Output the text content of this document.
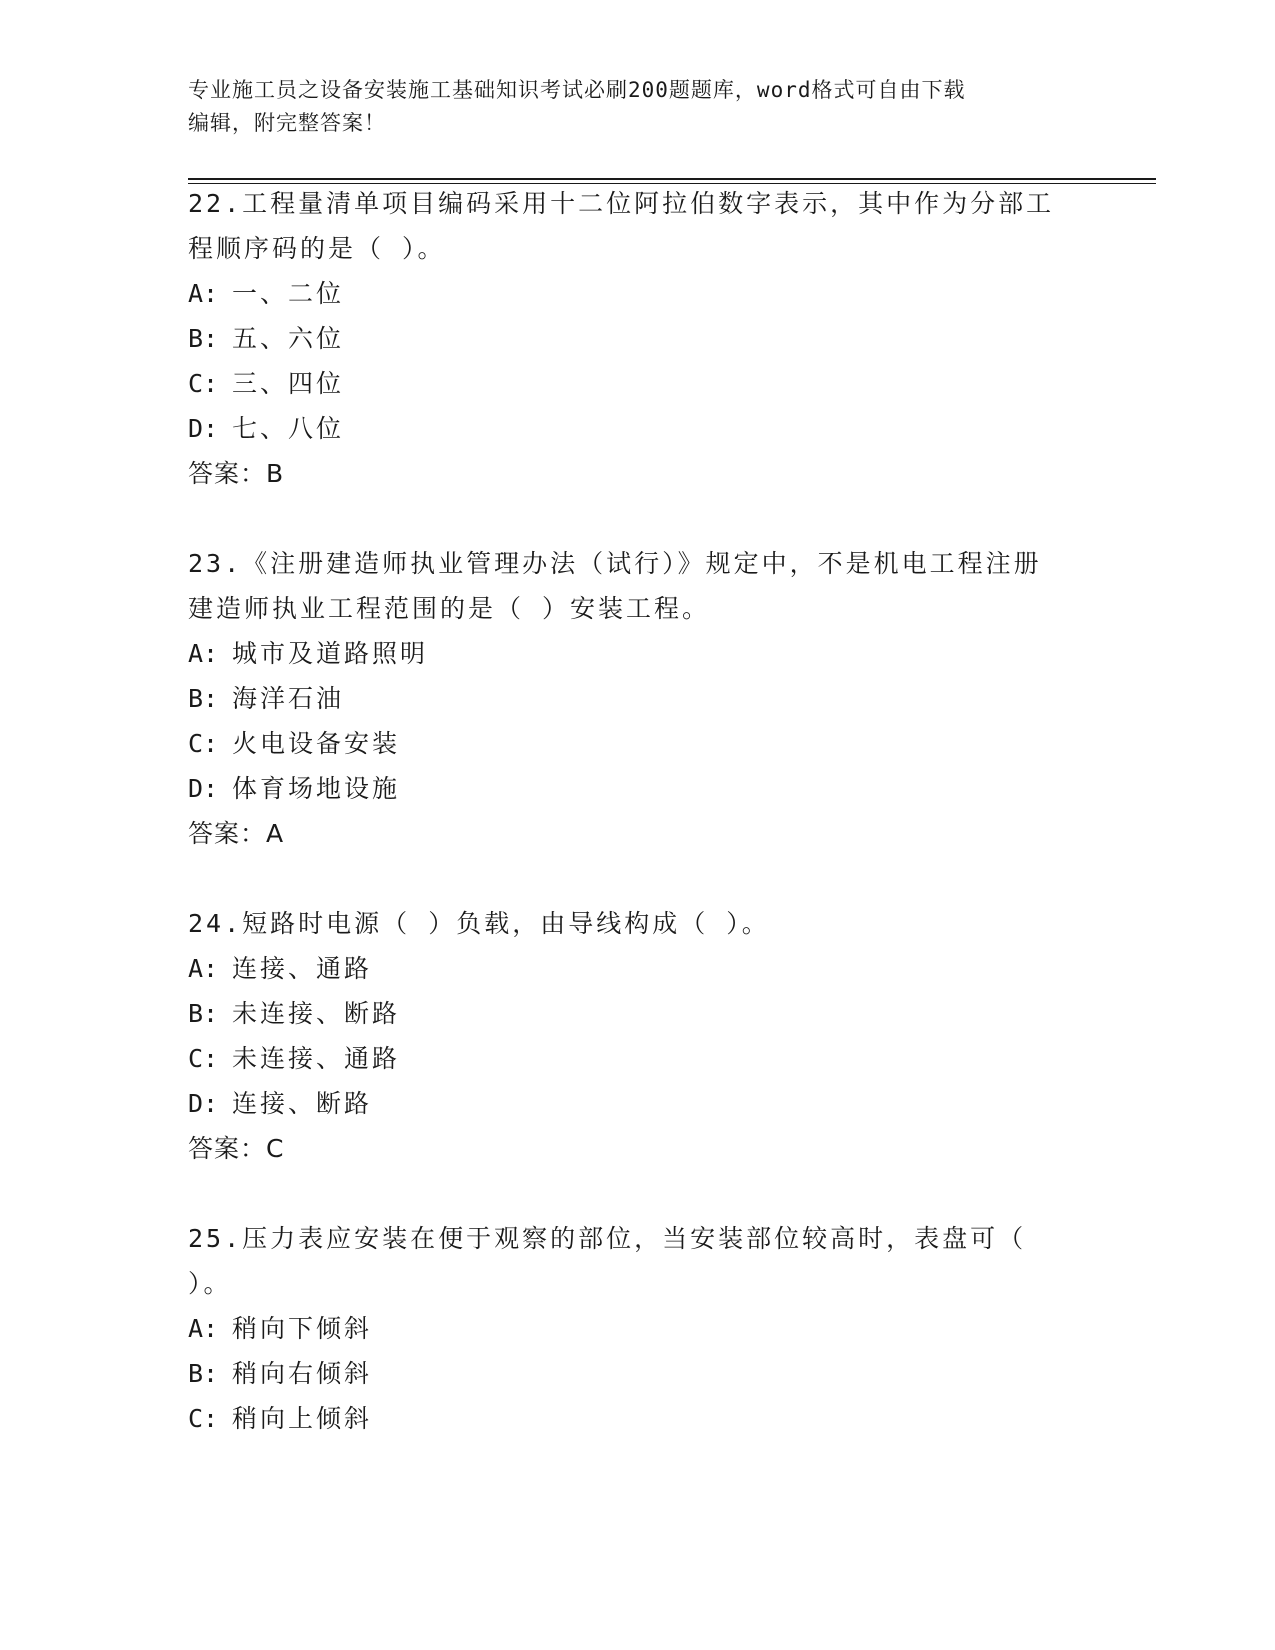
专业施工员之设备安装施工基础知识考试必刷200题题库，word格式可自由下载
编辑，附完整答案！

22.工程量清单项目编码采用十二位阿拉伯数字表示，其中作为分部工

程顺序码的是（ ）。

A: 一、二位

B: 五、六位

C: 三、四位

D: 七、八位

答案：B

23.《注册建造师执业管理办法（试行）》规定中，不是机电工程注册

建造师执业工程范围的是（ ）安装工程。

A: 城市及道路照明

B: 海洋石油

C: 火电设备安装

D: 体育场地设施

答案：A

24.短路时电源（ ）负载，由导线构成（ ）。

A: 连接、通路

B: 未连接、断路

C: 未连接、通路

D: 连接、断路

答案：C

25.压力表应安装在便于观察的部位，当安装部位较高时，表盘可（

）。

A: 稍向下倾斜

B: 稍向右倾斜

C: 稍向上倾斜
